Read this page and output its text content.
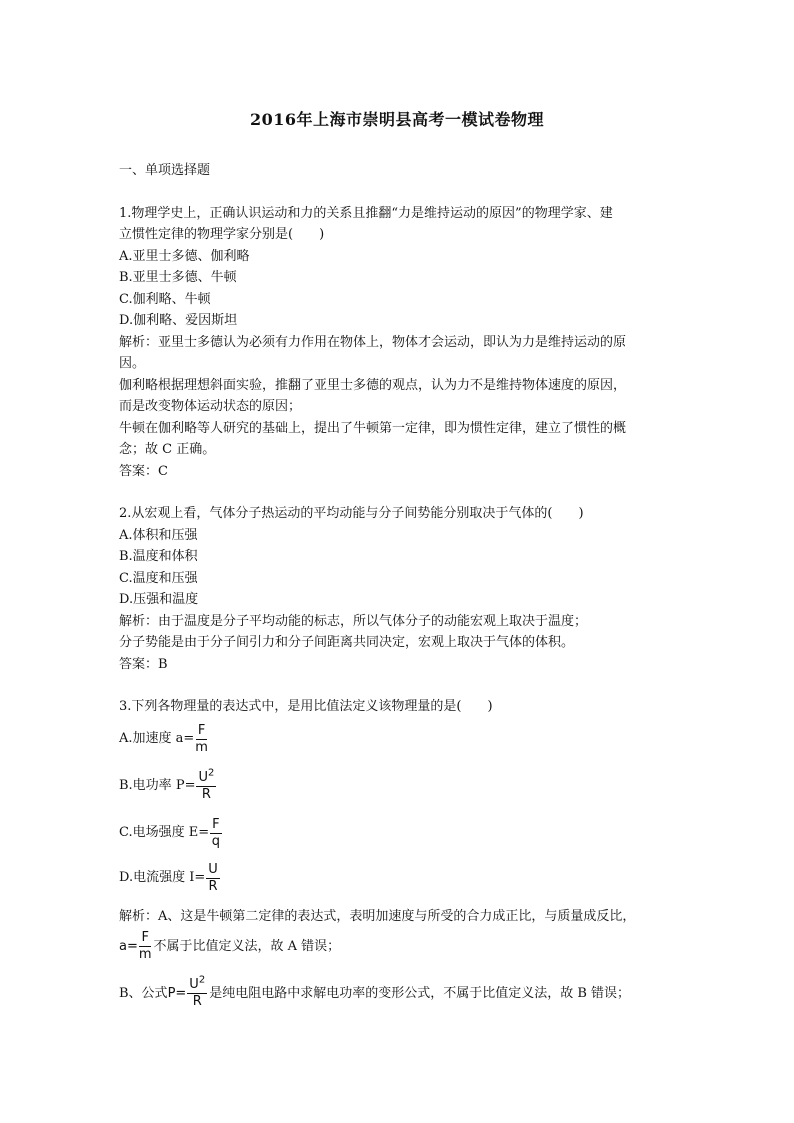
2016年上海市崇明县高考一模试卷物理
一、单项选择题
1.物理学史上，正确认识运动和力的关系且推翻“力是维持运动的原因”的物理学家、建
立惯性定律的物理学家分别是(　　)
A.亚里士多德、伽利略
B.亚里士多德、牛顿
C.伽利略、牛顿
D.伽利略、爱因斯坦
解析：亚里士多德认为必须有力作用在物体上，物体才会运动，即认为力是维持运动的原
因。
伽利略根据理想斜面实验，推翻了亚里士多德的观点，认为力不是维持物体速度的原因，
而是改变物体运动状态的原因；
牛顿在伽利略等人研究的基础上，提出了牛顿第一定律，即为惯性定律，建立了惯性的概
念；故 C 正确。
答案：C
2.从宏观上看，气体分子热运动的平均动能与分子间势能分别取决于气体的(　　)
A.体积和压强
B.温度和体积
C.温度和压强
D.压强和温度
解析：由于温度是分子平均动能的标志，所以气体分子的动能宏观上取决于温度；
分子势能是由于分子间引力和分子间距离共同决定，宏观上取决于气体的体积。
答案：B
3.下列各物理量的表达式中，是用比值法定义该物理量的是(　　)
A.加速度 $a= \frac{F}{m}$
B.电功率 $P= \frac{U^2}{R}$
C.电场强度 $E= \frac{F}{q}$
D.电流强度 $I= \frac{U}{R}$
解析：A、这是牛顿第二定律的表达式，表明加速度与所受的合力成正比，与质量成反比，
$a= \frac{F}{m}$ 不属于比值定义法，故 A 错误；
B、公式 $P= \frac{U^2}{R}$ 是纯电阻电路中求解电功率的变形公式，不属于比值定义法，故 B 错误；
